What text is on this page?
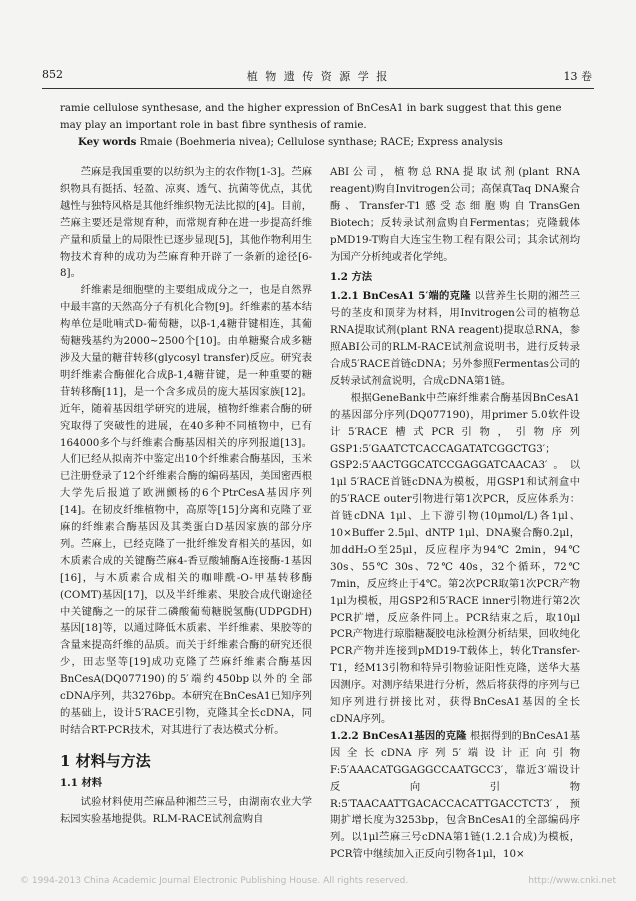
852	植 物 遗 传 资 源 学 报	13 卷
ramie cellulose synthesase, and the higher expression of BnCesA1 in bark suggest that this gene may play an important role in bast fibre synthesis of ramie.
Key words Rmaie (Boehmeria nivea); Cellulose synthase; RACE; Express analysis

苎麻是我国重要的以纺织为主的农作物[1-3]。苎麻织物具有挺括、轻盈、凉爽、透气、抗菌等优点，其优越性与独特风格是其他纤维织物无法比拟的[4]。目前，苎麻主要还是常规育种，而常规育种在进一步提高纤维产量和质量上的局限性已逐步显现[5]，其他作物利用生物技术育种的成功为苎麻育种开辟了一条新的途径[6-8]。

纤维素是细胞壁的主要组成成分之一，也是自然界中最丰富的天然高分子有机化合物[9]。纤维素的基本结构单位是吡喃式D-葡萄糖，以β-1,4糖苷键相连，其葡萄糖残基约为2000~2500个[10]。由单糖聚合成多糖涉及大量的糖苷转移(glycosyl transfer)反应。研究表明纤维素合酶催化合成β-1,4糖苷键，是一种重要的糖苷转移酶[11]，是一个含多成员的庞大基因家族[12]。近年，随着基因组学研究的进展，植物纤维素合酶的研究取得了突破性的进展，在40多种不同植物中，已有164000多个与纤维素合酶基因相关的序列报道[13]。人们已经从拟南芥中鉴定出10个纤维素合酶基因，玉米已注册登录了12个纤维素合酶的编码基因，美国密西根大学先后报道了欧洲颤杨的6个PtrCesA基因序列[14]。在韧皮纤维植物中，高原等[15]分离和克隆了亚麻的纤维素合酶基因及其类蛋白D基因家族的部分序列。苎麻上，已经克隆了一批纤维发育相关的基因，如木质素合成的关键酶苎麻4-香豆酸辅酶A连接酶-1基因[16]，与木质素合成相关的咖啡酰-O-甲基转移酶(COMT)基因[17]，以及半纤维素、果胶合成代谢途径中关键酶之一的尿苷二磷酸葡萄糖脱氢酶(UDPGDH)基因[18]等，以通过降低木质素、半纤维素、果胶等的含量来提高纤维的品质。而关于纤维素合酶的研究还很少，田志坚等[19]成功克隆了苎麻纤维素合酶基因BnCesA(DQ077190)的5′端约450bp以外的全部cDNA序列，共3276bp。本研究在BnCesA1已知序列的基础上，设计5′RACE引物，克隆其全长cDNA，同时结合RT-PCR技术，对其进行了表达模式分析。

1 材料与方法
1.1 材料

试验材料使用苎麻品种湘苎三号，由湖南农业大学耘园实验基地提供。RLM-RACE试剂盒购自

ABI公司，植物总RNA提取试剂(plant RNA reagent)购自Invitrogen公司；高保真Taq DNA聚合酶、Transfer-T1感受态细胞购自TransGen Biotech；反转录试剂盒购自Fermentas；克隆载体pMD19-T购自大连宝生物工程有限公司；其余试剂均为国产分析纯或者化学纯。

1.2 方法

1.2.1 BnCesA1 5′端的克隆 以营养生长期的湘苎三号的茎皮和顶芽为材料，用Invitrogen公司的植物总RNA提取试剂(plant RNA reagent)提取总RNA，参照ABI公司的RLM-RACE试剂盒说明书，进行反转录合成5′RACE首链cDNA；另外参照Fermentas公司的反转录试剂盒说明，合成cDNA第1链。

根据GeneBank中苎麻纤维素合酶基因BnCesA1的基因部分序列(DQ077190)，用primer 5.0软件设计5′RACE槽式PCR引物，引物序列GSP1:5′GAATCTCACCAGATATCGGCTG3′；GSP2:5′AACTGGCATCCGAGGATCAACA3′。以1μl 5′RACE首链cDNA为模板，用GSP1和试剂盒中的5′RACE outer引物进行第1次PCR，反应体系为：首链cDNA 1μl、上下游引物(10μmol/L)各1μl、10×Buffer 2.5μl、dNTP 1μl、DNA聚合酶0.2μl，加ddH₂O至25μl，反应程序为94℃ 2min，94℃ 30s、55℃ 30s、72℃ 40s，32个循环，72℃ 7min，反应终止于4℃。第2次PCR取第1次PCR产物1μl为模板，用GSP2和5′RACE inner引物进行第2次PCR扩增，反应条件同上。PCR结束之后，取10μl PCR产物进行琼脂糖凝胶电泳检测分析结果，回收纯化PCR产物并连接到pMD19-T载体上，转化Transfer-T1，经M13引物和特异引物验证阳性克隆，送华大基因测序。对测序结果进行分析，然后将获得的序列与已知序列进行拼接比对，获得BnCesA1基因的全长cDNA序列。

1.2.2 BnCesA1基因的克隆 根据得到的BnCesA1基因全长cDNA序列5′端设计正向引物F:5′AAACATGGAGGCCAATGCC3′，靠近3′端设计反向引物R:5′TAACAATTGACACCACATTGACCTCT3′，预期扩增长度为3253bp，包含BnCesA1的全部编码序列。以1μl苎麻三号cDNA第1链(1.2.1合成)为模板，PCR管中继续加入正反向引物各1μl，10×

© 1994-2013 China Academic Journal Electronic Publishing House. All rights reserved.	http://www.cnki.net
